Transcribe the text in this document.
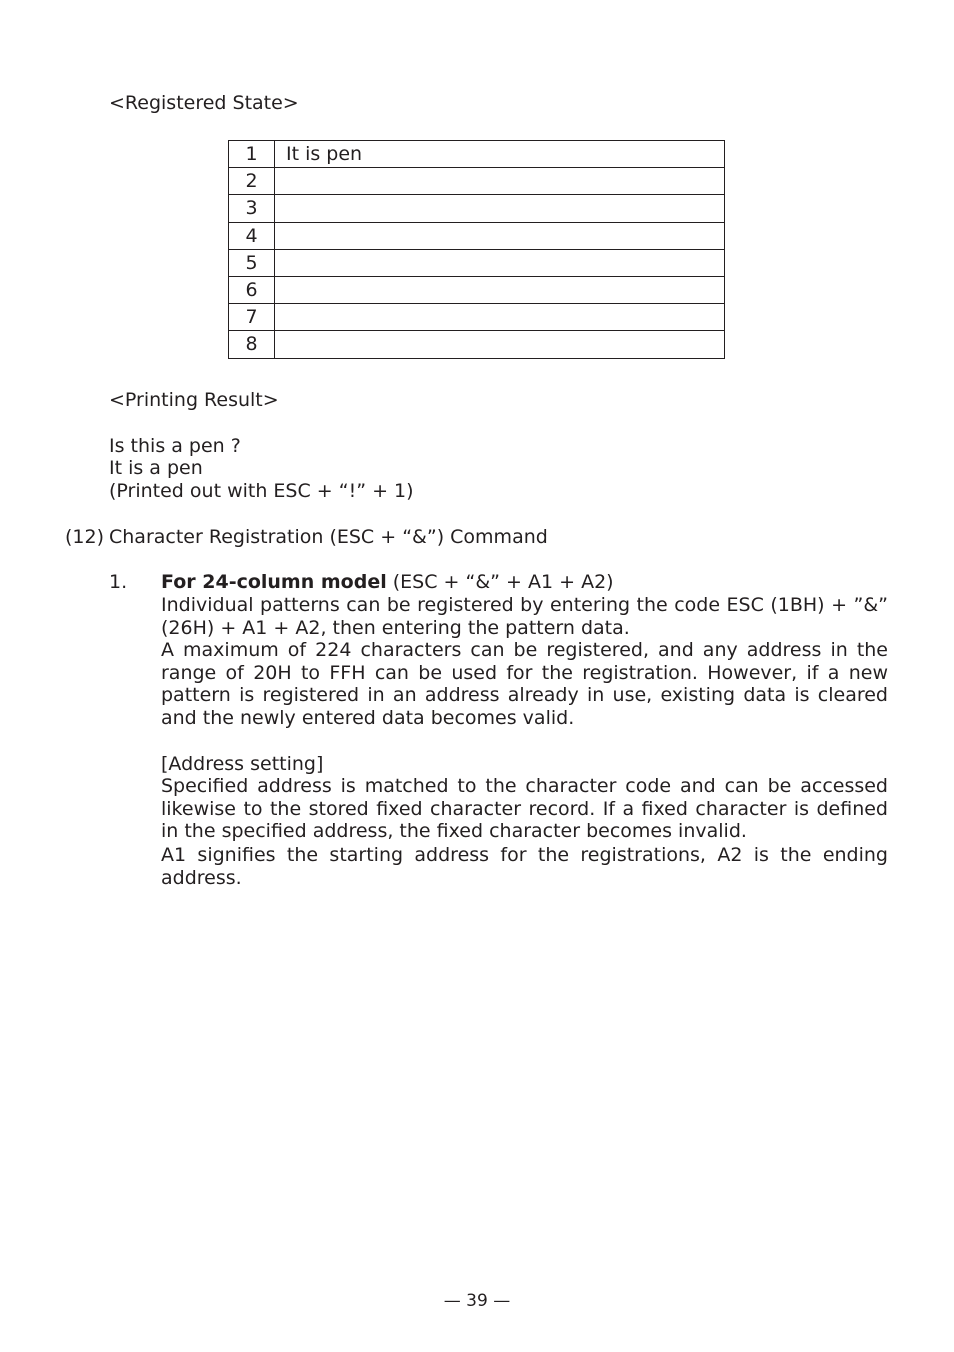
<Registered State>
1	It is pen
2	
3	
4	
5	
6	
7	
8	
<Printing Result>
Is this a pen ?
It is a pen
(Printed out with ESC + “!” + 1)
(12) Character Registration (ESC + “&”) Command
1. For 24-column model (ESC + “&” + A1 + A2)
Individual patterns can be registered by entering the code ESC (1BH) + ”&” (26H) + A1 + A2, then entering the pattern data.
A maximum of 224 characters can be registered, and any address in the range of 20H to FFH can be used for the registration. However, if a new pattern is registered in an address already in use, existing data is cleared and the newly entered data becomes valid.
[Address setting]
Specified address is matched to the character code and can be accessed likewise to the stored fixed character record. If a fixed character is defined in the specified address, the fixed character becomes invalid.
A1 signifies the starting address for the registrations, A2 is the ending address.
— 39 —
